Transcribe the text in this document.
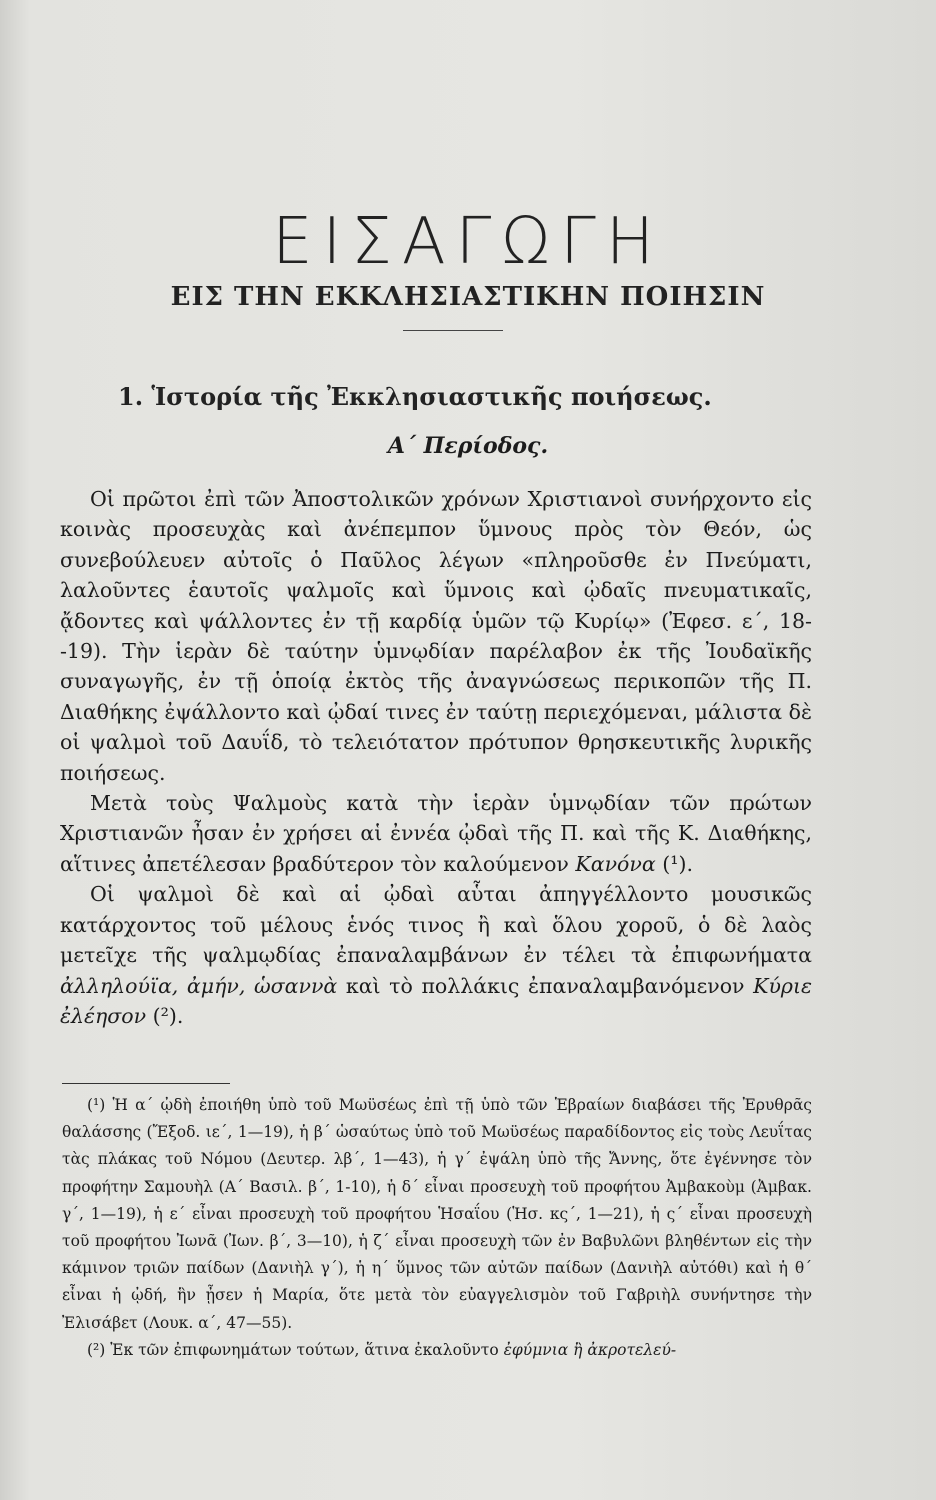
ΕΙΣΑΓΩΓΗ
ΕΙΣ ΤΗΝ ΕΚΚΛΗΣΙΑΣΤΙΚΗΝ ΠΟΙΗΣΙΝ
1. Ἱστορία τῆς Ἐκκλησιαστικῆς ποιήσεως.
Α΄ Περίοδος.

Οἱ πρῶτοι ἐπὶ τῶν Ἀποστολικῶν χρόνων Χριστιανοὶ συνήρχοντο εἰς κοινὰς προσευχὰς καὶ ἀνέπεμπον ὕμνους πρὸς τὸν Θεόν, ὡς συνεβούλευεν αὐτοῖς ὁ Παῦλος λέγων «πληροῦσθε ἐν Πνεύματι, λαλοῦντες ἑαυτοῖς ψαλμοῖς καὶ ὕμνοις καὶ ᾠδαῖς πνευματικαῖς, ᾄδοντες καὶ ψάλλοντες ἐν τῇ καρδίᾳ ὑμῶν τῷ Κυρίῳ» (Ἐφεσ. ε΄, 18--19). Τὴν ἱερὰν δὲ ταύτην ὑμνῳδίαν παρέλαβον ἐκ τῆς Ἰουδαϊκῆς συναγωγῆς, ἐν τῇ ὁποίᾳ ἐκτὸς τῆς ἀναγνώσεως περικοπῶν τῆς Π. Διαθήκης ἐψάλλοντο καὶ ᾠδαί τινες ἐν ταύτῃ περιεχόμεναι, μάλιστα δὲ οἱ ψαλμοὶ τοῦ Δαυΐδ, τὸ τελειότατον πρότυπον θρησκευτικῆς λυρικῆς ποιήσεως.

Μετὰ τοὺς Ψαλμοὺς κατὰ τὴν ἱερὰν ὑμνῳδίαν τῶν πρώτων Χριστιανῶν ἦσαν ἐν χρήσει αἱ ἐννέα ᾠδαὶ τῆς Π. καὶ τῆς Κ. Διαθήκης, αἵτινες ἀπετέλεσαν βραδύτερον τὸν καλούμενον Κανόνα (¹).

Οἱ ψαλμοὶ δὲ καὶ αἱ ᾠδαὶ αὗται ἀπηγγέλλοντο μουσικῶς κατάρχοντος τοῦ μέλους ἑνός τινος ἢ καὶ ὅλου χοροῦ, ὁ δὲ λαὸς μετεῖχε τῆς ψαλμῳδίας ἐπαναλαμβάνων ἐν τέλει τὰ ἐπιφωνήματα ἀλληλούϊα, ἀμήν, ὡσαννὰ καὶ τὸ πολλάκις ἐπαναλαμβανόμενον Κύριε ἐλέησον (²).

(¹) Ἡ α΄ ᾠδὴ ἐποιήθη ὑπὸ τοῦ Μωϋσέως ἐπὶ τῇ ὑπὸ τῶν Ἑβραίων διαβάσει τῆς Ἐρυθρᾶς θαλάσσης (Ἔξοδ. ιε΄, 1—19), ἡ β΄ ὡσαύτως ὑπὸ τοῦ Μωϋσέως παραδίδοντος εἰς τοὺς Λευΐτας τὰς πλάκας τοῦ Νόμου (Δευτερ. λβ΄, 1—43), ἡ γ΄ ἐψάλη ὑπὸ τῆς Ἄννης, ὅτε ἐγέννησε τὸν προφήτην Σαμουὴλ (Α΄ Βασιλ. β΄, 1-10), ἡ δ΄ εἶναι προσευχὴ τοῦ προφήτου Ἀμβακοὺμ (Ἀμβακ. γ΄, 1—19), ἡ ε΄ εἶναι προσευχὴ τοῦ προφήτου Ἡσαΐου (Ἡσ. κς΄, 1—21), ἡ ς΄ εἶναι προσευχὴ τοῦ προφήτου Ἰωνᾶ (Ἰων. β΄, 3—10), ἡ ζ΄ εἶναι προσευχὴ τῶν ἐν Βαβυλῶνι βληθέντων εἰς τὴν κάμινον τριῶν παίδων (Δανιὴλ γ΄), ἡ η΄ ὕμνος τῶν αὐτῶν παίδων (Δανιὴλ αὐτόθι) καὶ ἡ θ΄ εἶναι ἡ ᾠδή, ἣν ᾖσεν ἡ Μαρία, ὅτε μετὰ τὸν εὐαγγελισμὸν τοῦ Γαβριὴλ συνήντησε τὴν Ἐλισάβετ (Λουκ. α΄, 47—55).

(²) Ἐκ τῶν ἐπιφωνημάτων τούτων, ἅτινα ἐκαλοῦντο ἐφύμνια ἢ ἀκροτελεύ-
